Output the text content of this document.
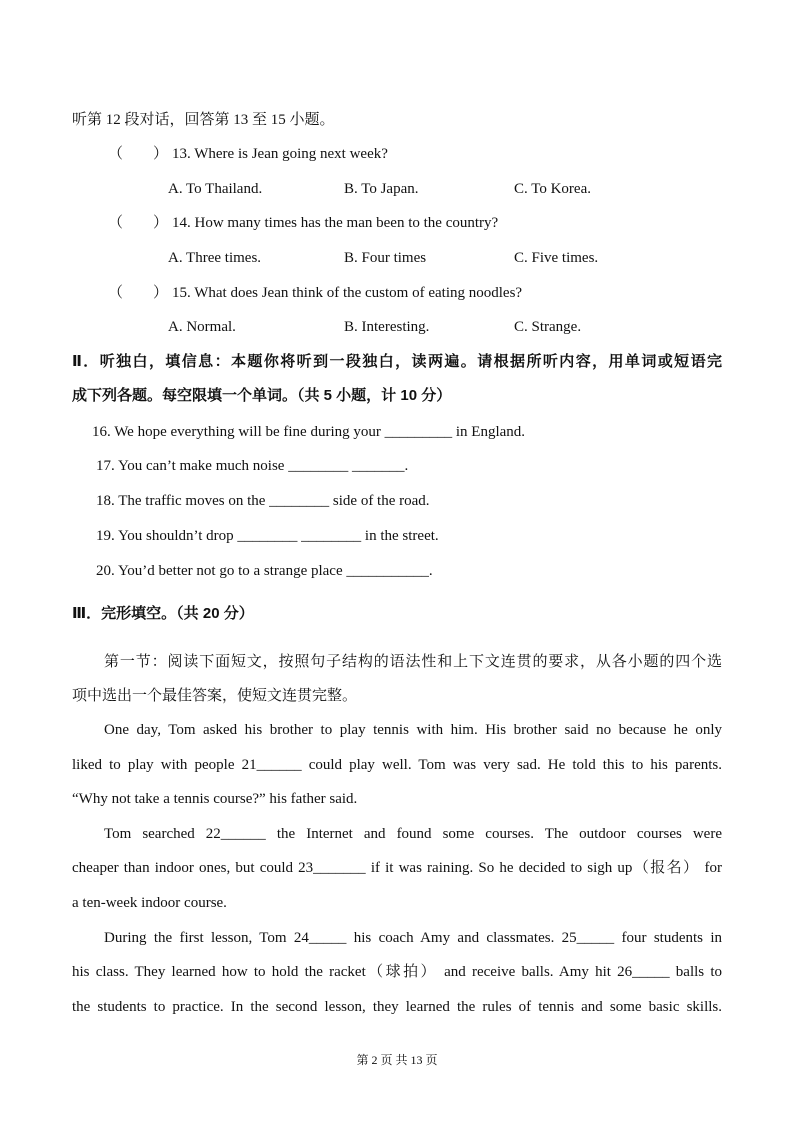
听第 12 段对话，回答第 13 至 15 小题。
（　　） 13. Where is Jean going next week?
A. To Thailand.	B. To Japan.	C. To Korea.
（　　） 14. How many times has the man been to the country?
A. Three times.	B. Four times	C. Five times.
（　　） 15. What does Jean think of the custom of eating noodles?
A. Normal.	B. Interesting.	C. Strange.
Ⅱ．听独白，填信息：本题你将听到一段独白，读两遍。请根据所听内容，用单词或短语完
成下列各题。每空限填一个单词。（共 5 小题，计 10 分）
16. We hope everything will be fine during your _________ in England.
17. You can’t make much noise ________ _______.
18. The traffic moves on the ________ side of the road.
19. You shouldn’t drop ________ ________ in the street.
20. You’d better not go to a strange place ___________.
Ⅲ．完形填空。（共 20 分）
第一节：阅读下面短文，按照句子结构的语法性和上下文连贯的要求，从各小题的四个选
项中选出一个最佳答案，使短文连贯完整。
One day, Tom asked his brother to play tennis with him. His brother said no because he only
liked to play with people 21______ could play well. Tom was very sad. He told this to his parents.
“Why not take a tennis course?” his father said.
Tom searched 22______ the Internet and found some courses. The outdoor courses were
cheaper than indoor ones, but could 23_______ if it was raining. So he decided to sigh up（报名） for
a ten-week indoor course.
During the first lesson, Tom 24_____ his coach Amy and classmates. 25_____ four students in
his class. They learned how to hold the racket（球拍） and receive balls. Amy hit 26_____ balls to
the students to practice. In the second lesson, they learned the rules of tennis and some basic skills.
第 2 页 共 13 页
